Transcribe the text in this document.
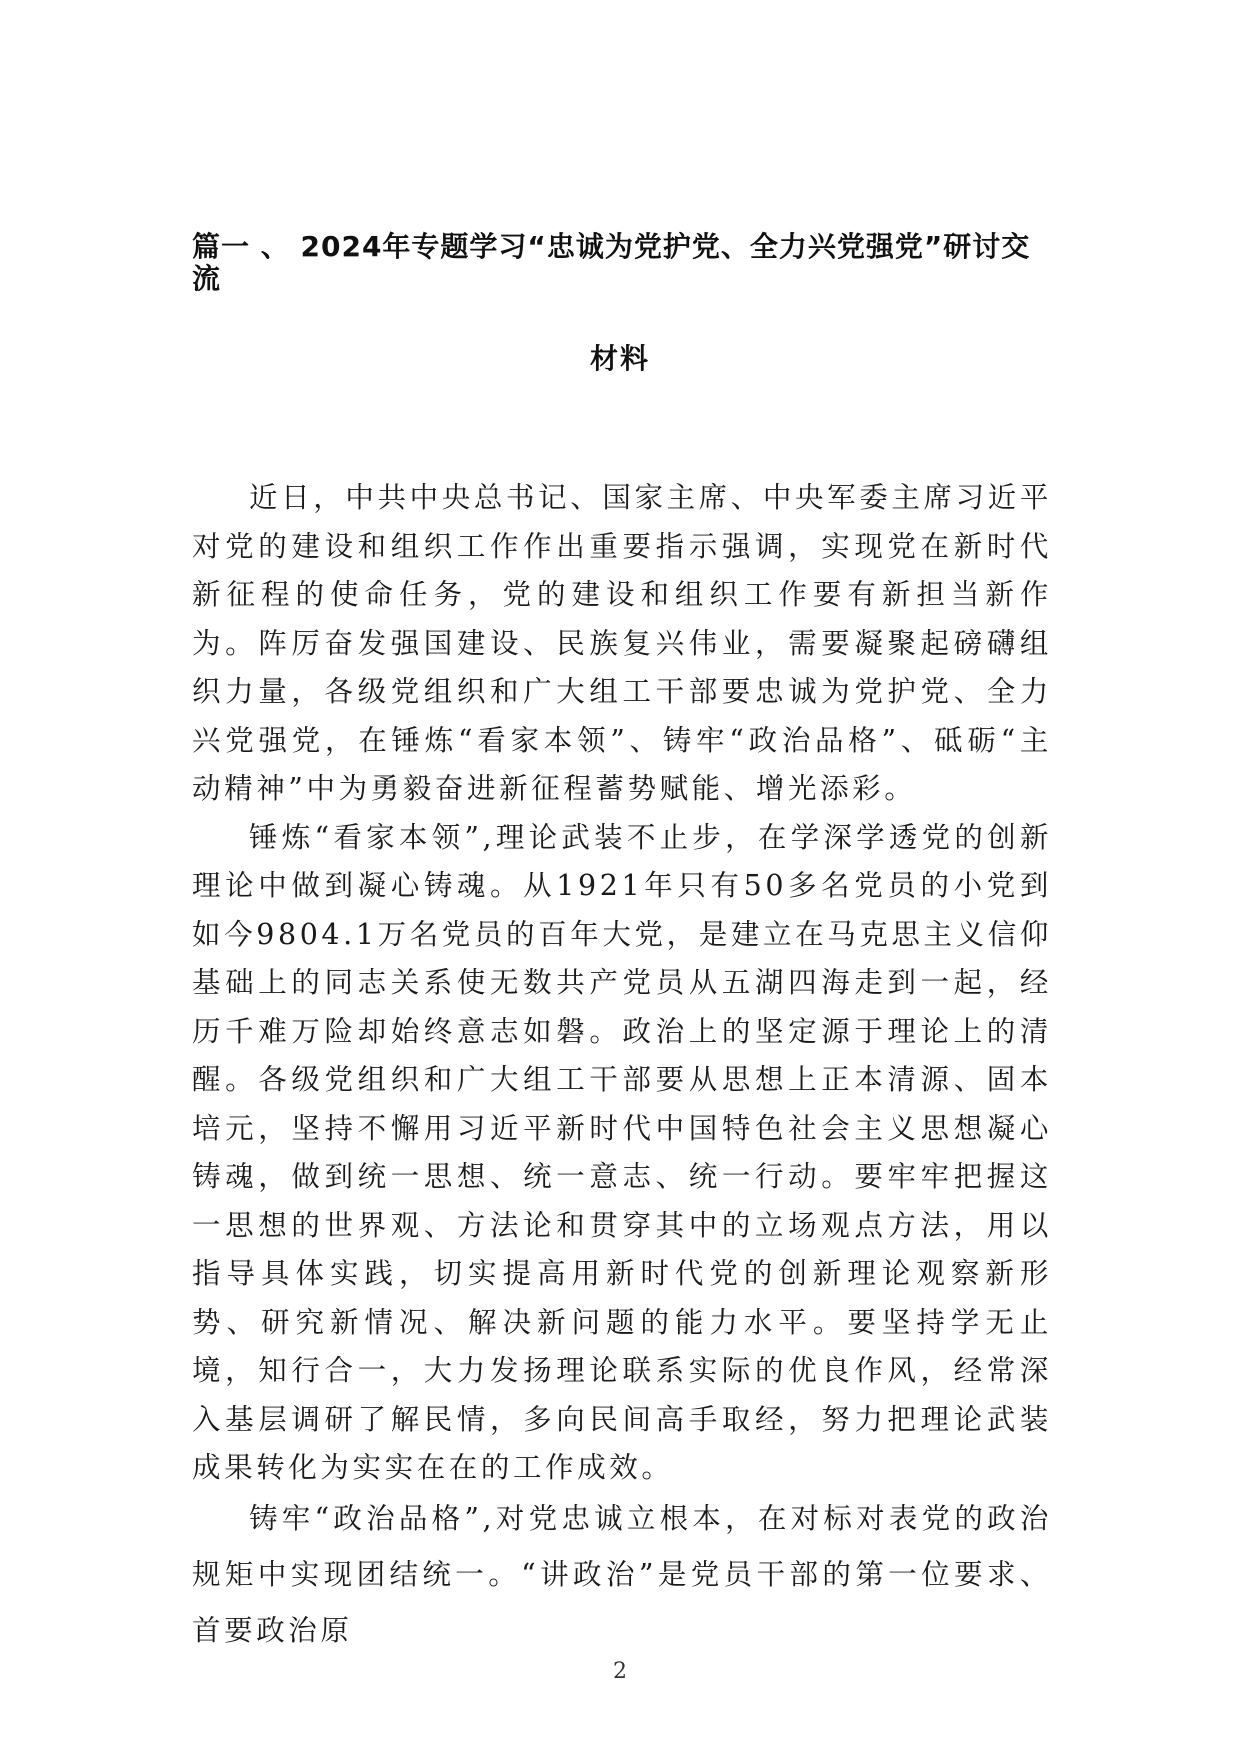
篇一 、 2024年专题学习“忠诚为党护党、全力兴党强党”研讨交
流
材料

近日，中共中央总书记、国家主席、中央军委主席习近平对党的建设和组织工作作出重要指示强调，实现党在新时代新征程的使命任务，党的建设和组织工作要有新担当新作为。阵厉奋发强国建设、民族复兴伟业，需要凝聚起磅礴组织力量，各级党组织和广大组工干部要忠诚为党护党、全力兴党强党，在锤炼“看家本领”、铸牢“政治品格”、砥砺“主动精神”中为勇毅奋进新征程蓄势赋能、增光添彩。

锤炼“看家本领”,理论武装不止步，在学深学透党的创新理论中做到凝心铸魂。从1921年只有50多名党员的小党到如今9804.1万名党员的百年大党，是建立在马克思主义信仰基础上的同志关系使无数共产党员从五湖四海走到一起，经历千难万险却始终意志如磐。政治上的坚定源于理论上的清醒。各级党组织和广大组工干部要从思想上正本清源、固本培元，坚持不懈用习近平新时代中国特色社会主义思想凝心铸魂，做到统一思想、统一意志、统一行动。要牢牢把握这一思想的世界观、方法论和贯穿其中的立场观点方法，用以指导具体实践，切实提高用新时代党的创新理论观察新形势、研究新情况、解决新问题的能力水平。要坚持学无止境，知行合一，大力发扬理论联系实际的优良作风，经常深入基层调研了解民情，多向民间高手取经，努力把理论武装成果转化为实实在在的工作成效。

铸牢“政治品格”,对党忠诚立根本，在对标对表党的政治规矩中实现团结统一。“讲政治”是党员干部的第一位要求、首要政治原

2
